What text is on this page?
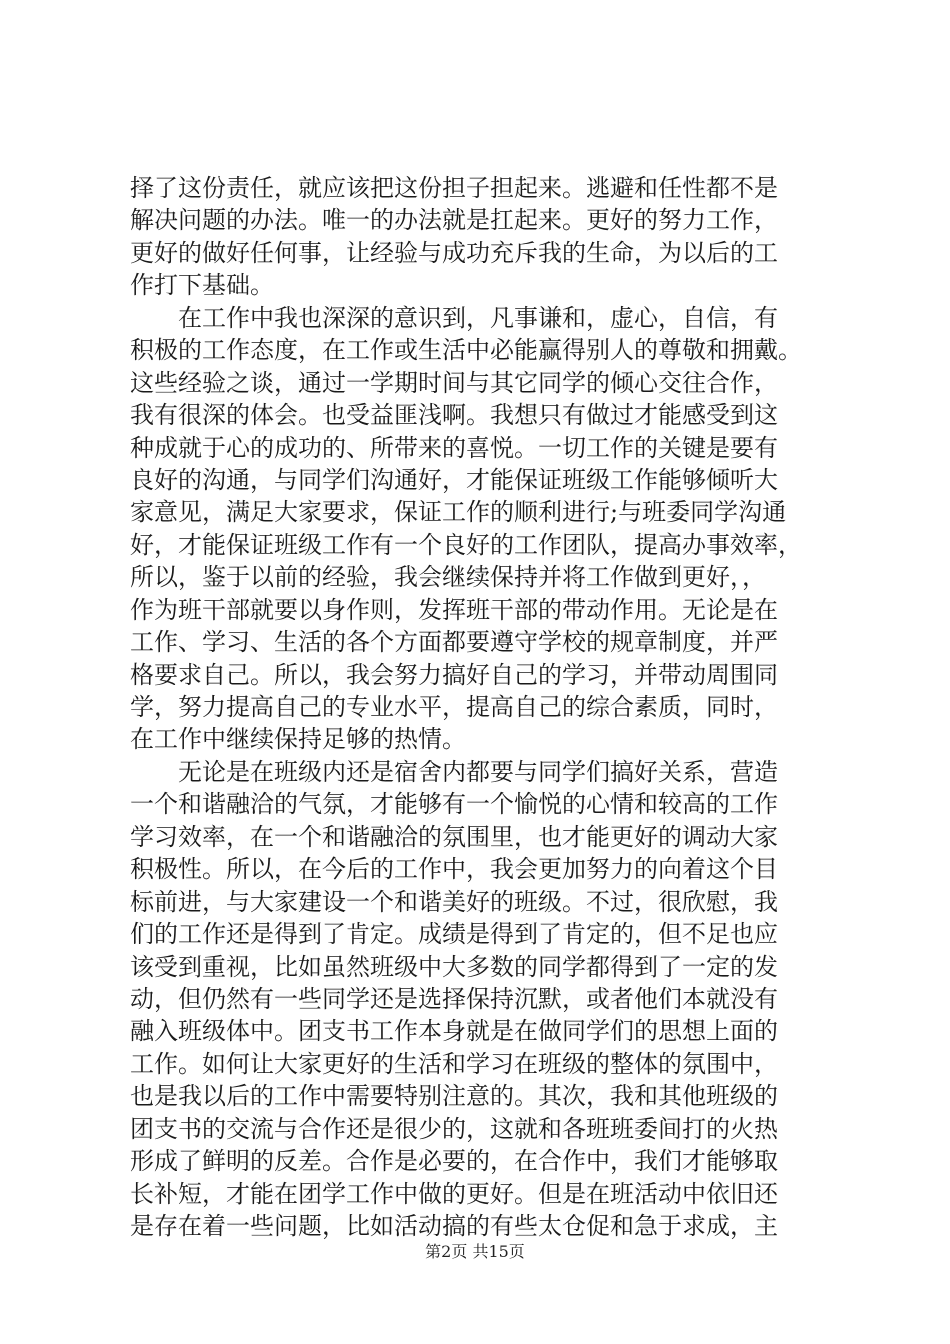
择了这份责任，就应该把这份担子担起来。逃避和任性都不是
解决问题的办法。唯一的办法就是扛起来。更好的努力工作，
更好的做好任何事，让经验与成功充斥我的生命，为以后的工
作打下基础。
　　在工作中我也深深的意识到，凡事谦和，虚心，自信，有
积极的工作态度，在工作或生活中必能赢得别人的尊敬和拥戴。
这些经验之谈，通过一学期时间与其它同学的倾心交往合作，
我有很深的体会。也受益匪浅啊。我想只有做过才能感受到这
种成就于心的成功的、所带来的喜悦。一切工作的关键是要有
良好的沟通，与同学们沟通好，才能保证班级工作能够倾听大
家意见，满足大家要求，保证工作的顺利进行;与班委同学沟通
好，才能保证班级工作有一个良好的工作团队，提高办事效率，
所以，鉴于以前的经验，我会继续保持并将工作做到更好，，
作为班干部就要以身作则，发挥班干部的带动作用。无论是在
工作、学习、生活的各个方面都要遵守学校的规章制度，并严
格要求自己。所以，我会努力搞好自己的学习，并带动周围同
学，努力提高自己的专业水平，提高自己的综合素质，同时，
在工作中继续保持足够的热情。
　　无论是在班级内还是宿舍内都要与同学们搞好关系，营造
一个和谐融洽的气氛，才能够有一个愉悦的心情和较高的工作
学习效率，在一个和谐融洽的氛围里，也才能更好的调动大家
积极性。所以，在今后的工作中，我会更加努力的向着这个目
标前进，与大家建设一个和谐美好的班级。不过，很欣慰，我
们的工作还是得到了肯定。成绩是得到了肯定的，但不足也应
该受到重视，比如虽然班级中大多数的同学都得到了一定的发
动，但仍然有一些同学还是选择保持沉默，或者他们本就没有
融入班级体中。团支书工作本身就是在做同学们的思想上面的
工作。如何让大家更好的生活和学习在班级的整体的氛围中，
也是我以后的工作中需要特别注意的。其次，我和其他班级的
团支书的交流与合作还是很少的，这就和各班班委间打的火热
形成了鲜明的反差。合作是必要的，在合作中，我们才能够取
长补短，才能在团学工作中做的更好。但是在班活动中依旧还
是存在着一些问题，比如活动搞的有些太仓促和急于求成，主
第2页 共15页
